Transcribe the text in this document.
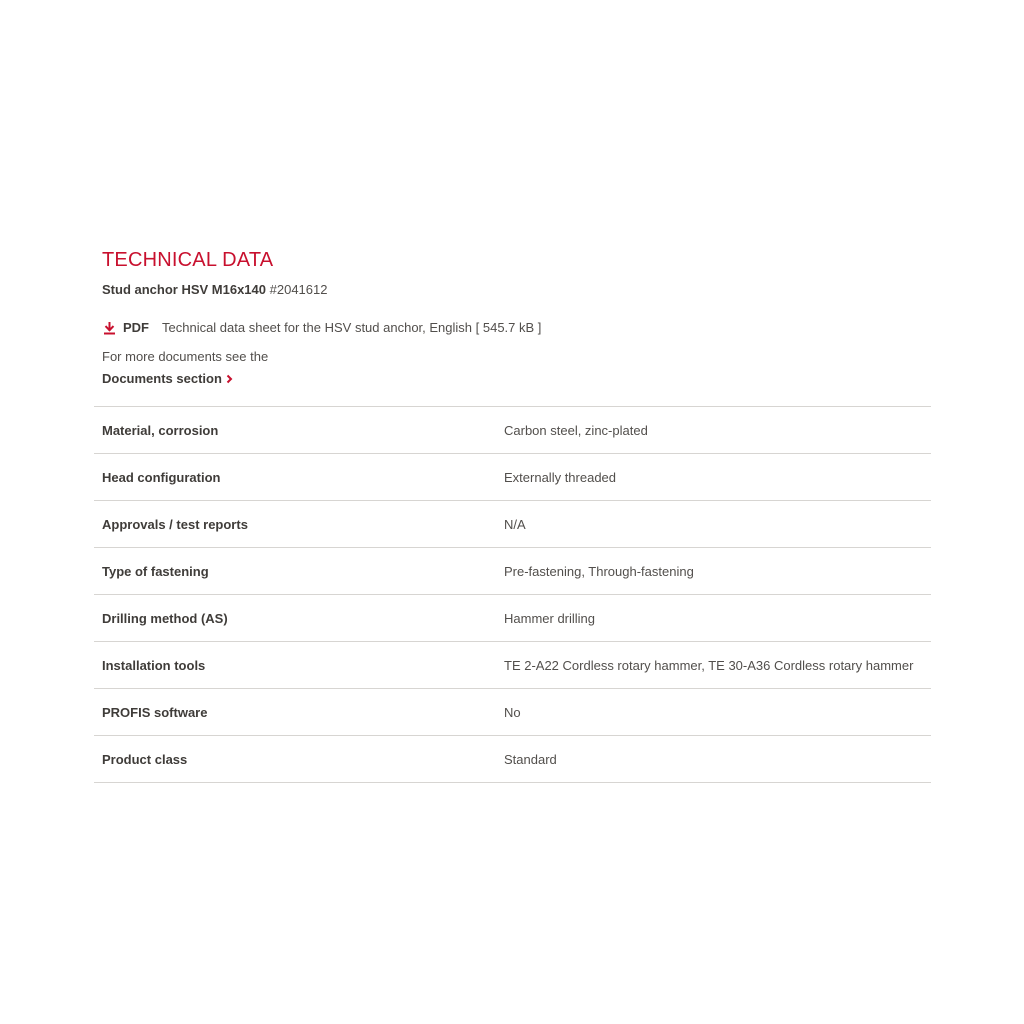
TECHNICAL DATA
Stud anchor HSV M16x140 #2041612
PDF Technical data sheet for the HSV stud anchor, English [ 545.7 kB ]
For more documents see the
Documents section
Material, corrosion	Carbon steel, zinc-plated
Head configuration	Externally threaded
Approvals / test reports	N/A
Type of fastening	Pre-fastening, Through-fastening
Drilling method (AS)	Hammer drilling
Installation tools	TE 2-A22 Cordless rotary hammer, TE 30-A36 Cordless rotary hammer
PROFIS software	No
Product class	Standard
